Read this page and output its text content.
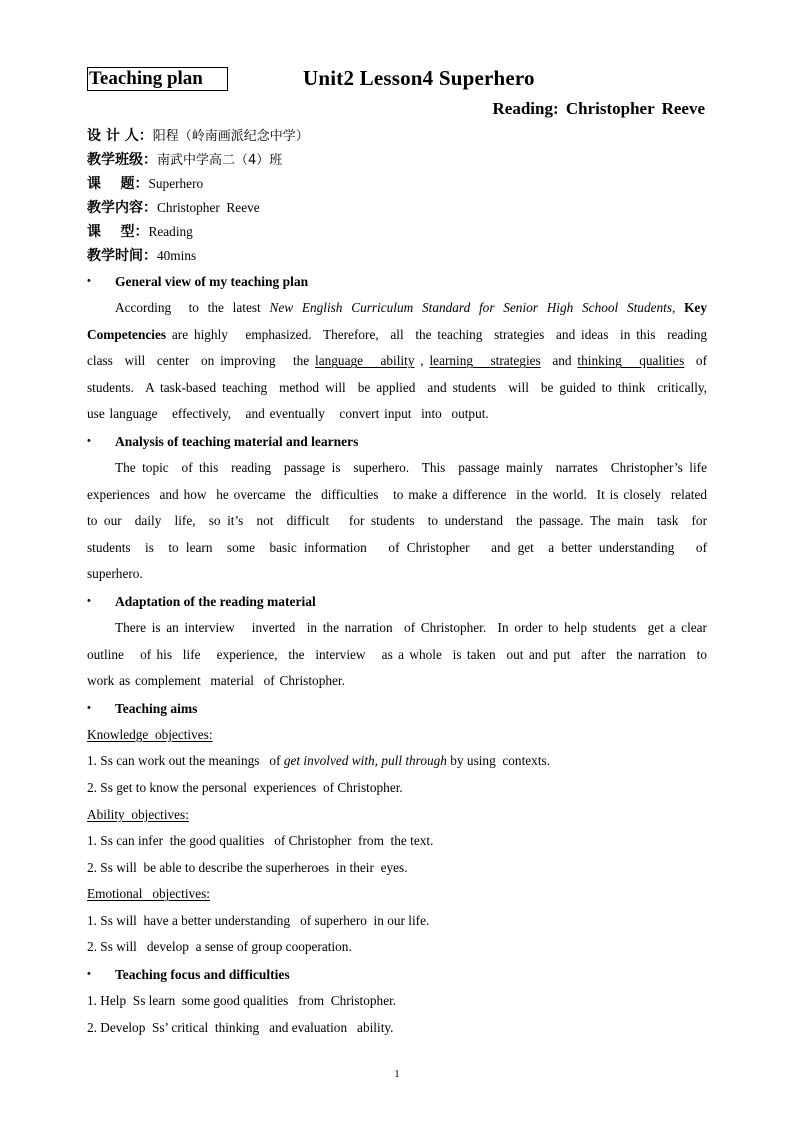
Teaching plan	Unit2 Lesson4 Superhero

Reading: Christopher Reeve

设 计 人：阳程（岭南画派纪念中学）
教学班级：南武中学高二（4）班
课    题：Superhero
教学内容：Christopher  Reeve
课    型：Reading
教学时间：40mins
• General view of my teaching plan

According  to the latest New English Curriculum Standard for Senior High School Students, Key Competencies are highly   emphasized.  Therefore,  all  the teaching  strategies  and ideas  in this  reading  class  will  center  on improving   the language   ability , learning   strategies  and thinking   qualities  of students.  A task-based teaching  method will  be applied  and students  will  be guided to think  critically,   use language   effectively,   and eventually   convert input  into  output.

• Analysis of teaching material and learners

The topic  of this  reading  passage is  superhero.  This  passage mainly  narrates  Christopher’s life  experiences  and how  he overcame  the  difficulties   to make a difference  in the world.  It is closely  related  to our  daily  life,  so it’s  not  difficult   for students  to understand  the passage. The main  task  for  students  is  to learn  some  basic information   of Christopher   and get  a better understanding   of superhero.

• Adaptation of the reading material

There is an interview   inverted  in the narration  of Christopher.  In order to help students  get a clear  outline   of his  life   experience,  the  interview   as a whole  is taken  out and put  after  the narration  to work as complement  material  of Christopher.

• Teaching aims
Knowledge  objectives:
1. Ss can work out the meanings   of get involved with, pull through by using  contexts.
2. Ss get to know the personal  experiences  of Christopher.
Ability  objectives:
1. Ss can infer  the good qualities   of Christopher  from  the text.
2. Ss will  be able to describe the superheroes  in their  eyes.
Emotional   objectives:
1. Ss will  have a better understanding   of superhero  in our life.
2. Ss will   develop  a sense of group cooperation.
• Teaching focus and difficulties
1. Help  Ss learn  some good qualities   from  Christopher.
2. Develop  Ss’ critical  thinking   and evaluation   ability.
1
